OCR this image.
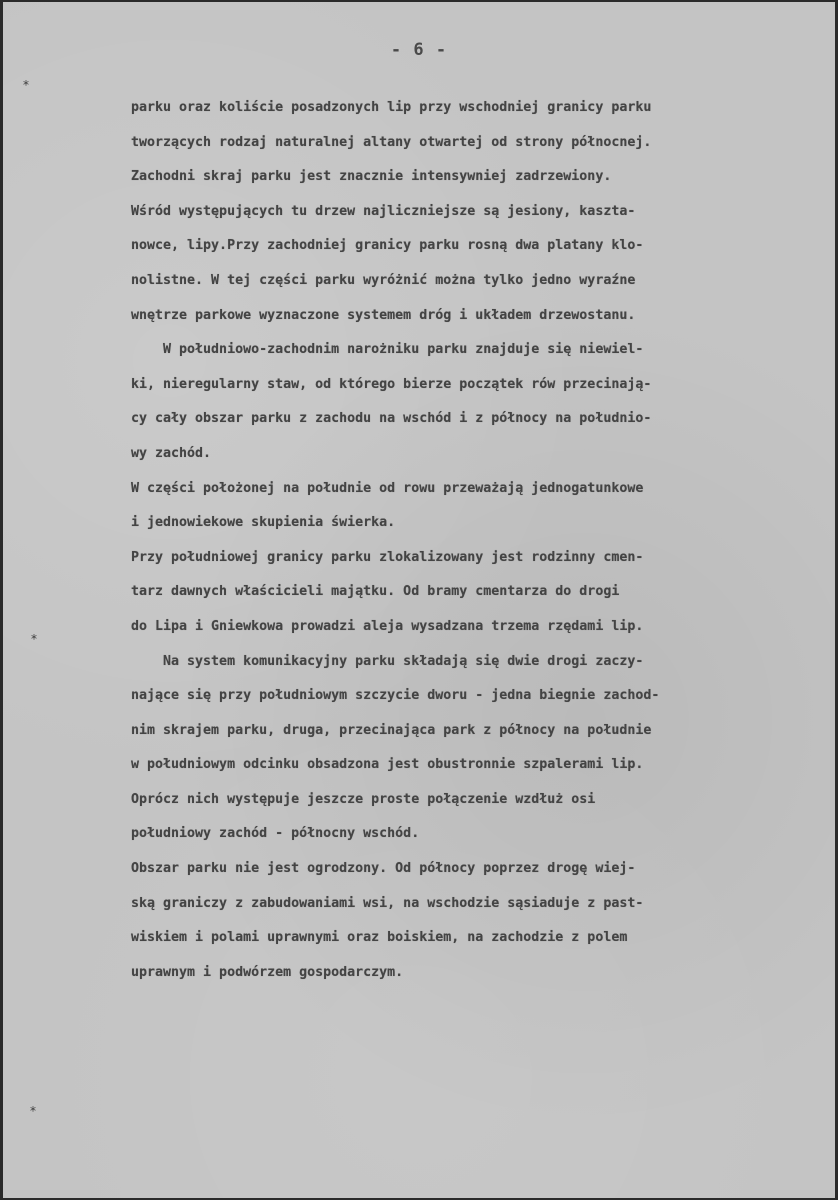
*
*
*
- 6 -
parku oraz koliście posadzonych lip przy wschodniej granicy parku
tworzących rodzaj naturalnej altany otwartej od strony północnej.
Zachodni skraj parku jest znacznie intensywniej zadrzewiony.
Wśród występujących tu drzew najliczniejsze są jesiony, kaszta-
nowce, lipy.Przy zachodniej granicy parku rosną dwa platany klo-
nolistne. W tej części parku wyróżnić można tylko jedno wyraźne
wnętrze parkowe wyznaczone systemem dróg i układem drzewostanu.
W południowo-zachodnim narożniku parku znajduje się niewiel-
ki, nieregularny staw, od którego bierze początek rów przecinają-
cy cały obszar parku z zachodu na wschód i z północy na południo-
wy zachód.
W części położonej na południe od rowu przeważają jednogatunkowe
i jednowiekowe skupienia świerka.
Przy południowej granicy parku zlokalizowany jest rodzinny cmen-
tarz dawnych właścicieli majątku. Od bramy cmentarza do drogi
do Lipa i Gniewkowa prowadzi aleja wysadzana trzema rzędami lip.
Na system komunikacyjny parku składają się dwie drogi zaczy-
nające się przy południowym szczycie dworu - jedna biegnie zachod-
nim skrajem parku, druga, przecinająca park z północy na południe
w południowym odcinku obsadzona jest obustronnie szpalerami lip.
Oprócz nich występuje jeszcze proste połączenie wzdłuż osi
południowy zachód - północny wschód.
Obszar parku nie jest ogrodzony. Od północy poprzez drogę wiej-
ską graniczy z zabudowaniami wsi, na wschodzie sąsiaduje z past-
wiskiem i polami uprawnymi oraz boiskiem, na zachodzie z polem
uprawnym i podwórzem gospodarczym.
